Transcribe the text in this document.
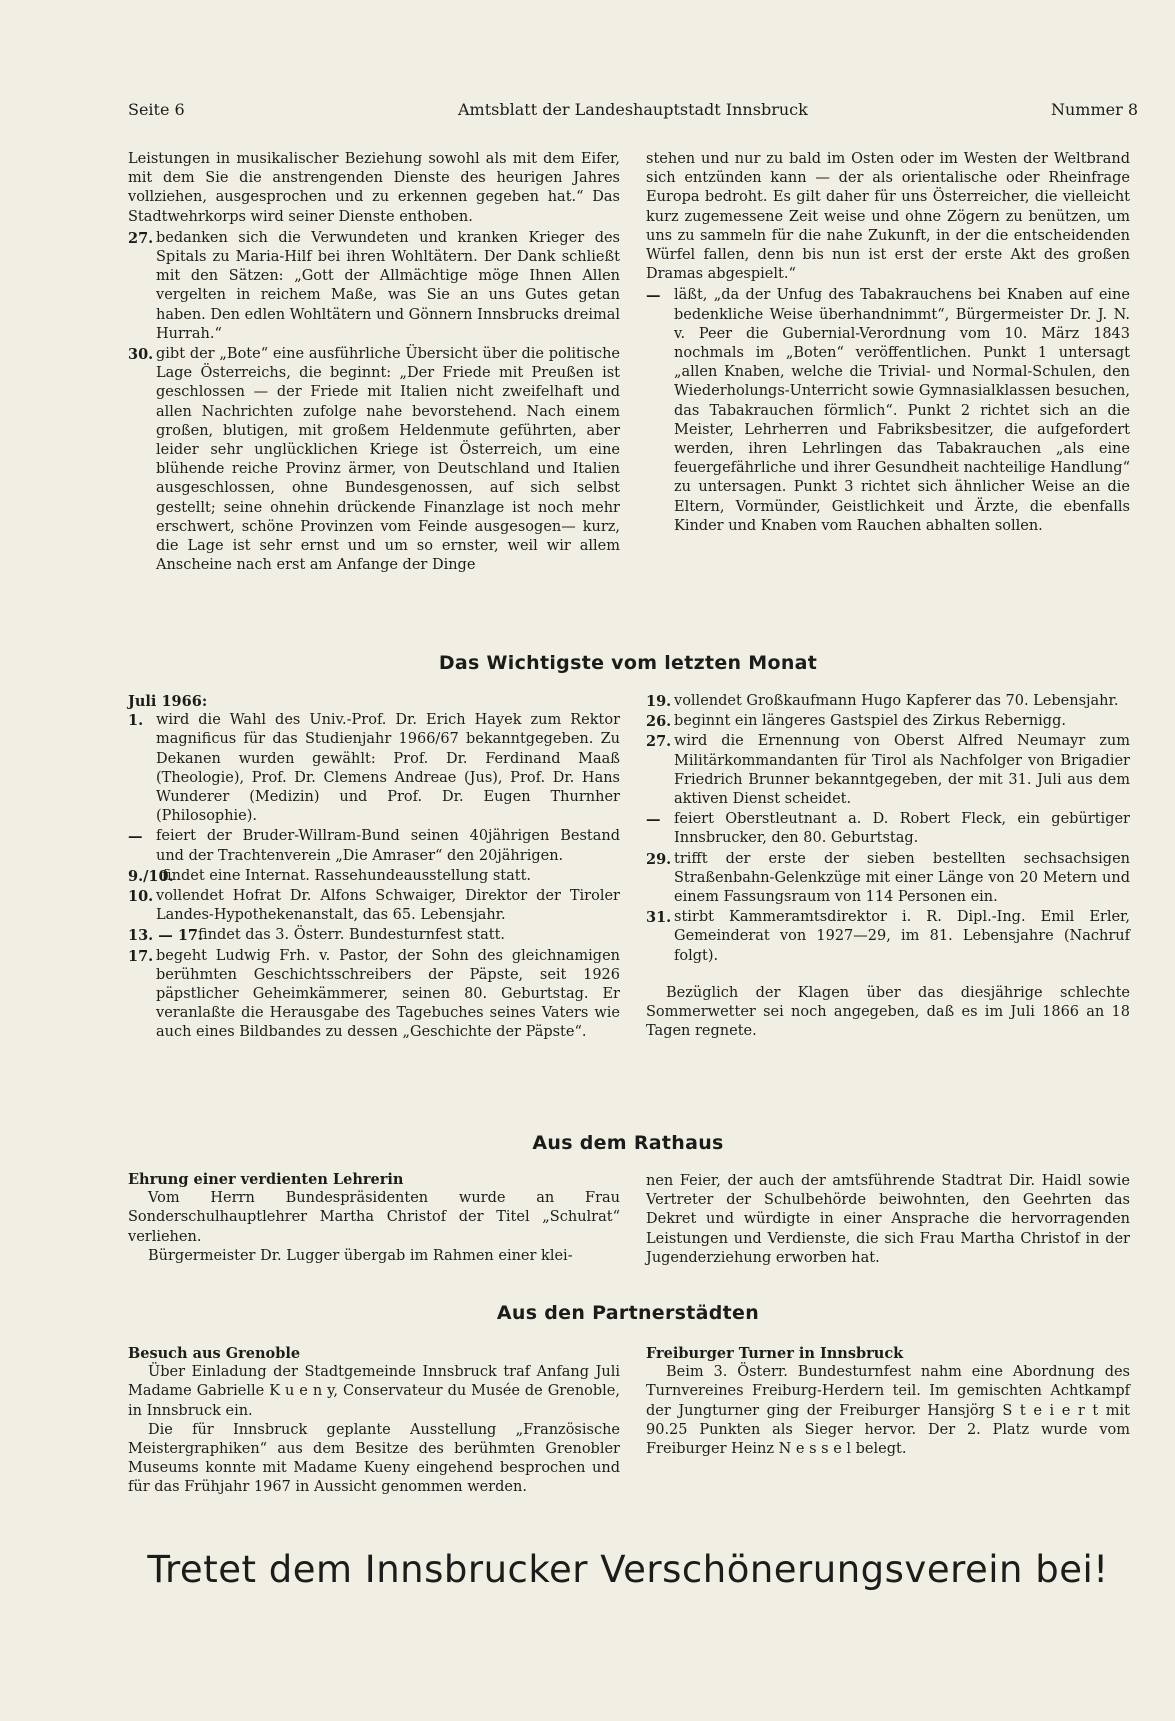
Seite 6	Amtsblatt der Landeshauptstadt Innsbruck	Nummer 8

Leistungen in musikalischer Beziehung sowohl als mit dem Eifer, mit dem Sie die anstrengenden Dienste des heurigen Jahres vollziehen, ausgesprochen und zu erkennen gegeben hat.“ Das Stadtwehrkorps wird seiner Dienste enthoben.

27. bedanken sich die Verwundeten und kranken Krieger des Spitals zu Maria-Hilf bei ihren Wohltätern. Der Dank schließt mit den Sätzen: „Gott der Allmächtige möge Ihnen Allen vergelten in reichem Maße, was Sie an uns Gutes getan haben. Den edlen Wohltätern und Gönnern Innsbrucks dreimal Hurrah.“
30. gibt der „Bote“ eine ausführliche Übersicht über die politische Lage Österreichs, die beginnt: „Der Friede mit Preußen ist geschlossen — der Friede mit Italien nicht zweifelhaft und allen Nachrichten zufolge nahe bevorstehend. Nach einem großen, blutigen, mit großem Heldenmute geführten, aber leider sehr unglücklichen Kriege ist Österreich, um eine blühende reiche Provinz ärmer, von Deutschland und Italien ausgeschlossen, ohne Bundesgenossen, auf sich selbst gestellt; seine ohnehin drückende Finanzlage ist noch mehr erschwert, schöne Provinzen vom Feinde ausgesogen— kurz, die Lage ist sehr ernst und um so ernster, weil wir allem Anscheine nach erst am Anfange der Dinge

stehen und nur zu bald im Osten oder im Westen der Weltbrand sich entzünden kann — der als orientalische oder Rheinfrage Europa bedroht. Es gilt daher für uns Österreicher, die vielleicht kurz zugemessene Zeit weise und ohne Zögern zu benützen, um uns zu sammeln für die nahe Zukunft, in der die entscheidenden Würfel fallen, denn bis nun ist erst der erste Akt des großen Dramas abgespielt.“

— läßt, „da der Unfug des Tabakrauchens bei Knaben auf eine bedenkliche Weise überhandnimmt“, Bürgermeister Dr. J. N. v. Peer die Gubernial-Verordnung vom 10. März 1843 nochmals im „Boten“ veröffentlichen. Punkt 1 untersagt „allen Knaben, welche die Trivial- und Normal-Schulen, den Wiederholungs-Unterricht sowie Gymnasialklassen besuchen, das Tabakrauchen förmlich“. Punkt 2 richtet sich an die Meister, Lehrherren und Fabriksbesitzer, die aufgefordert werden, ihren Lehrlingen das Tabakrauchen „als eine feuergefährliche und ihrer Gesundheit nachteilige Handlung“ zu untersagen. Punkt 3 richtet sich ähnlicher Weise an die Eltern, Vormünder, Geistlichkeit und Ärzte, die ebenfalls Kinder und Knaben vom Rauchen abhalten sollen.
Das Wichtigste vom letzten Monat

Juli 1966:

1. wird die Wahl des Univ.-Prof. Dr. Erich Hayek zum Rektor magnificus für das Studienjahr 1966/67 bekanntgegeben. Zu Dekanen wurden gewählt: Prof. Dr. Ferdinand Maaß (Theologie), Prof. Dr. Clemens Andreae (Jus), Prof. Dr. Hans Wunderer (Medizin) und Prof. Dr. Eugen Thurnher (Philosophie).
— feiert der Bruder-Willram-Bund seinen 40jährigen Bestand und der Trachtenverein „Die Amraser“ den 20jährigen.
9./10.
findet eine Internat. Rassehundeausstellung statt.
10. vollendet Hofrat Dr. Alfons Schwaiger, Direktor der Tiroler Landes-Hypothekenanstalt, das 65. Lebensjahr.
13. — 17.
findet das 3. Österr. Bundesturnfest statt.
17. begeht Ludwig Frh. v. Pastor, der Sohn des gleichnamigen berühmten Geschichtsschreibers der Päpste, seit 1926 päpstlicher Geheimkämmerer, seinen 80. Geburtstag. Er veranlaßte die Herausgabe des Tagebuches seines Vaters wie auch eines Bildbandes zu dessen „Geschichte der Päpste“.
19. vollendet Großkaufmann Hugo Kapferer das 70. Lebensjahr.
26. beginnt ein längeres Gastspiel des Zirkus Rebernigg.
27. wird die Ernennung von Oberst Alfred Neumayr zum Militärkommandanten für Tirol als Nachfolger von Brigadier Friedrich Brunner bekanntgegeben, der mit 31. Juli aus dem aktiven Dienst scheidet.
— feiert Oberstleutnant a. D. Robert Fleck, ein gebürtiger Innsbrucker, den 80. Geburtstag.
29. trifft der erste der sieben bestellten sechsachsigen Straßenbahn-Gelenkzüge mit einer Länge von 20 Metern und einem Fassungsraum von 114 Personen ein.
31. stirbt Kammeramtsdirektor i. R. Dipl.-Ing. Emil Erler, Gemeinderat von 1927—29, im 81. Lebensjahre (Nachruf folgt).

Bezüglich der Klagen über das diesjährige schlechte Sommerwetter sei noch angegeben, daß es im Juli 1866 an 18 Tagen regnete.

Aus dem Rathaus

Ehrung einer verdienten Lehrerin

Vom Herrn Bundespräsidenten wurde an Frau Sonderschulhauptlehrer Martha Christof der Titel „Schulrat“ verliehen.

Bürgermeister Dr. Lugger übergab im Rahmen einer klei-

nen Feier, der auch der amtsführende Stadtrat Dir. Haidl sowie Vertreter der Schulbehörde beiwohnten, den Geehrten das Dekret und würdigte in einer Ansprache die hervorragenden Leistungen und Verdienste, die sich Frau Martha Christof in der Jugenderziehung erworben hat.

Aus den Partnerstädten

Besuch aus Grenoble

Über Einladung der Stadtgemeinde Innsbruck traf Anfang Juli Madame Gabrielle K u e n y, Conservateur du Musée de Grenoble, in Innsbruck ein.

Die für Innsbruck geplante Ausstellung „Französische Meistergraphiken“ aus dem Besitze des berühmten Grenobler Museums konnte mit Madame Kueny eingehend besprochen und für das Frühjahr 1967 in Aussicht genommen werden.

Freiburger Turner in Innsbruck

Beim 3. Österr. Bundesturnfest nahm eine Abordnung des Turnvereines Freiburg-Herdern teil. Im gemischten Achtkampf der Jungturner ging der Freiburger Hansjörg S t e i e r t mit 90.25 Punkten als Sieger hervor. Der 2. Platz wurde vom Freiburger Heinz N e s s e l belegt.

Tretet dem Innsbrucker Verschönerungsverein bei!
